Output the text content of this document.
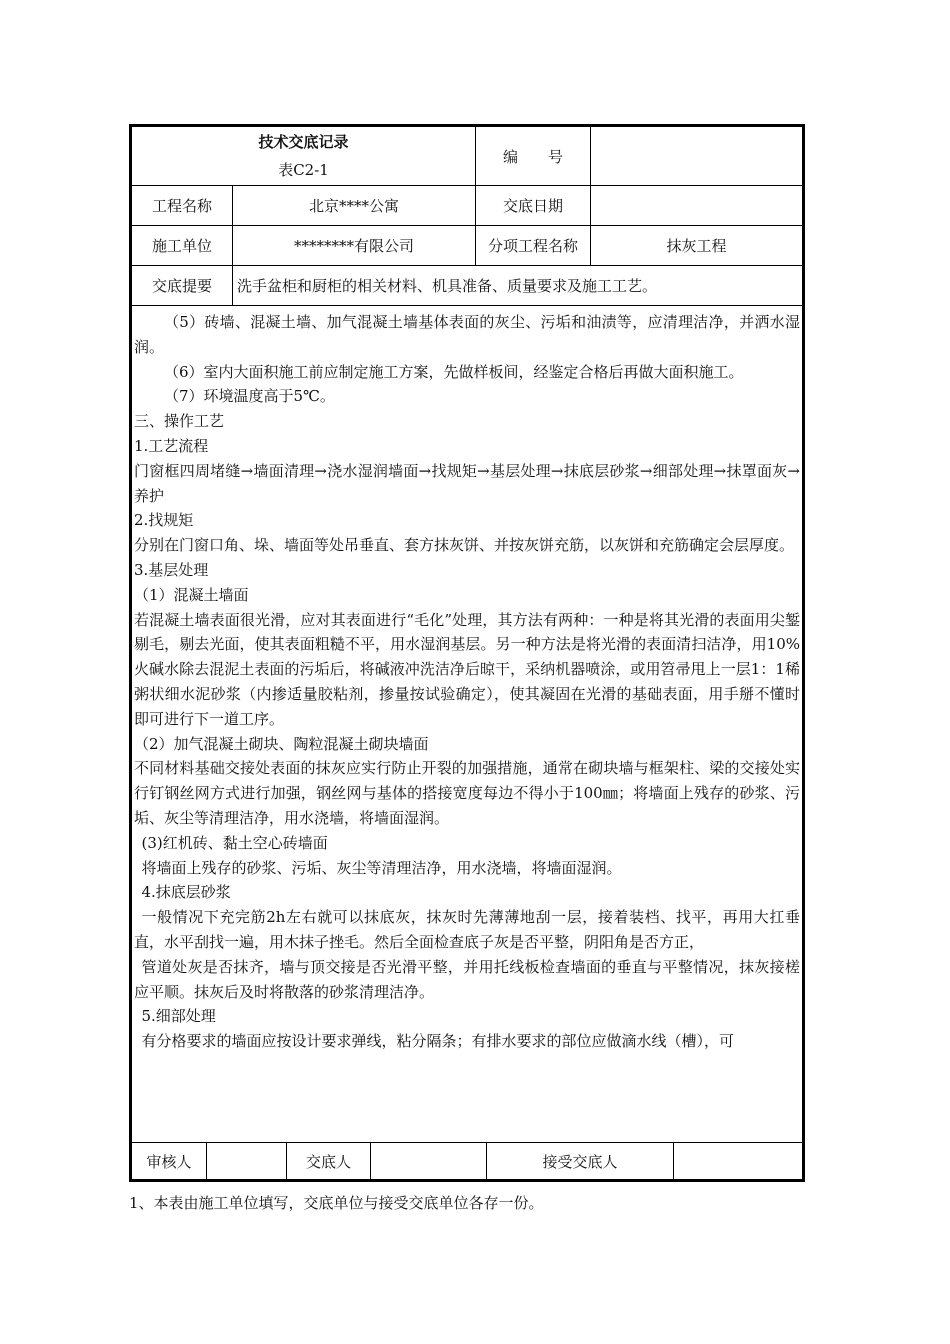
技术交底记录
表C2-1		编　　号	
工程名称	北京****公寓	交底日期	
施工单位	********有限公司	分项工程名称	抹灰工程
交底提要	洗手盆柜和厨柜的相关材料、机具准备、质量要求及施工工艺。		

（5）砖墙、混凝土墙、加气混凝土墙基体表面的灰尘、污垢和油渍等，应清理洁净，并洒水湿润。

（6）室内大面积施工前应制定施工方案，先做样板间，经鉴定合格后再做大面积施工。

（7）环境温度高于5℃。

三、操作工艺

1.工艺流程

门窗框四周堵缝→墙面清理→浇水湿润墙面→找规矩→基层处理→抹底层砂浆→细部处理→抹罩面灰→养护

2.找规矩

分别在门窗口角、垛、墙面等处吊垂直、套方抹灰饼、并按灰饼充筋，以灰饼和充筋确定会层厚度。

3.基层处理

（1）混凝土墙面

若混凝土墙表面很光滑，应对其表面进行“毛化”处理，其方法有两种：一种是将其光滑的表面用尖錾剔毛，剔去光面，使其表面粗糙不平，用水湿润基层。另一种方法是将光滑的表面清扫洁净，用10%火碱水除去混泥土表面的污垢后，将碱液冲洗洁净后晾干，采纳机器喷涂，或用笤帚甩上一层1：1稀粥状细水泥砂浆（内掺适量胶粘剂，掺量按试验确定），使其凝固在光滑的基础表面，用手掰不懂时即可进行下一道工序。

（2）加气混凝土砌块、陶粒混凝土砌块墙面

不同材料基础交接处表面的抹灰应实行防止开裂的加强措施，通常在砌块墙与框架柱、梁的交接处实行钉钢丝网方式进行加强，钢丝网与基体的搭接宽度每边不得小于100㎜；将墙面上残存的砂浆、污垢、灰尘等清理洁净，用水浇墙，将墙面湿润。

(3)红机砖、黏土空心砖墙面

将墙面上残存的砂浆、污垢、灰尘等清理洁净，用水浇墙，将墙面湿润。

4.抹底层砂浆

一般情况下充完筋2h左右就可以抹底灰，抹灰时先薄薄地刮一层，接着装档、找平，再用大扛垂直，水平刮找一遍，用木抹子挫毛。然后全面检查底子灰是否平整，阴阳角是否方正，

管道处灰是否抹齐，墙与顶交接是否光滑平整，并用托线板检查墙面的垂直与平整情况，抹灰接槎应平顺。抹灰后及时将散落的砂浆清理洁净。

5.细部处理

有分格要求的墙面应按设计要求弹线，粘分隔条；有排水要求的部位应做滴水线（槽），可

审核人		交底人		接受交底人	
1、本表由施工单位填写，交底单位与接受交底单位各存一份。
